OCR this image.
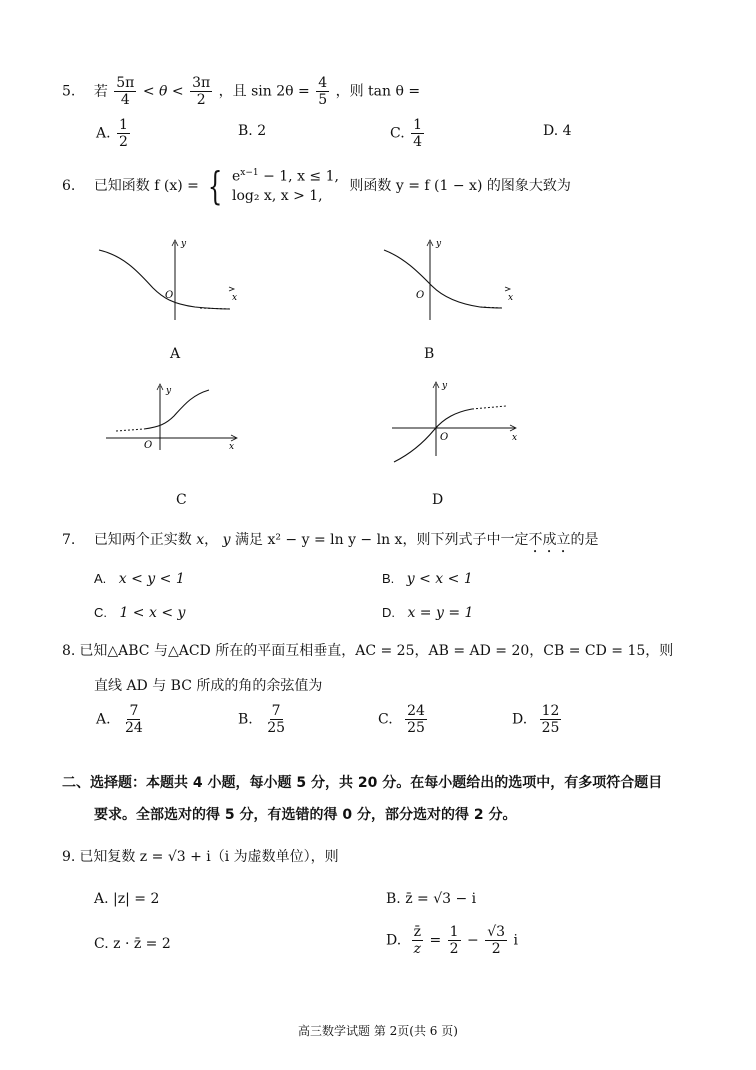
5. 若 $\frac{5\pi}{4} < \theta < \frac{3\pi}{2}$ ，且 $\sin 2\theta = \frac{4}{5}$ ，则 tan θ =
A. $\frac{1}{2}$	B. 2	C. $\frac{1}{4}$	D. 4
6. 已知函数 f (x) = { $e^{x-1} - 1$, x ≤ 1,
log₂ x, x > 1,
则函数 y = f (1 − x) 的图象大致为
y
x
O
A
y
x
O
B
y
x
O
C
y
x
O
D
7. 已知两个正实数 x， y 满足 x² − y = ln y − ln x，则下列式子中一定不成立的是
A. x < y < 1	B. y < x < 1
C. 1 < x < y	D. x = y = 1
8. 已知△ABC 与△ACD 所在的平面互相垂直，AC = 25，AB = AD = 20，CB = CD = 15，则
直线 AD 与 BC 所成的角的余弦值为
A. $\frac{7}{24}$	B. $\frac{7}{25}$	C. $\frac{24}{25}$	D. $\frac{12}{25}$
二、选择题：本题共 4 小题，每小题 5 分，共 20 分。在每小题给出的选项中，有多项符合题目
要求。全部选对的得 5 分，有选错的得 0 分，部分选对的得 2 分。
9. 已知复数 z = √3 + i（i 为虚数单位），则
A. |z| = 2	B. z̄ = √3 − i
C. z · z̄ = 2	D. $\frac{z̄}{z} = \frac{1}{2} - \frac{√3}{2}$ i
高三数学试题 第 2页(共 6 页)
